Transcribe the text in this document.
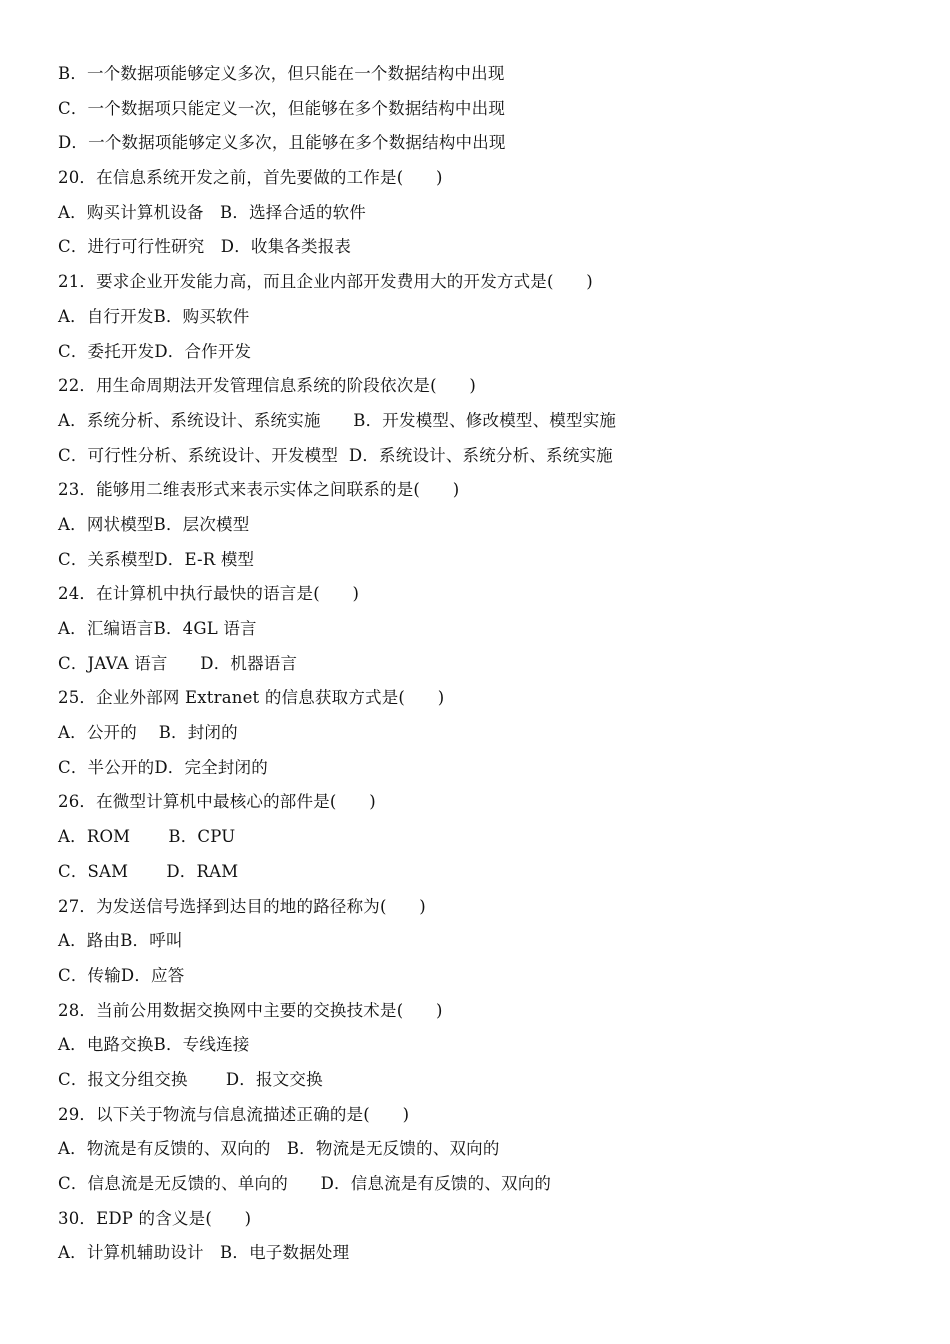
B．一个数据项能够定义多次，但只能在一个数据结构中出现
C．一个数据项只能定义一次，但能够在多个数据结构中出现
D．一个数据项能够定义多次，且能够在多个数据结构中出现
20．在信息系统开发之前，首先要做的工作是(      )
A．购买计算机设备   B．选择合适的软件
C．进行可行性研究   D．收集各类报表
21．要求企业开发能力高，而且企业内部开发费用大的开发方式是(      )
A．自行开发B．购买软件
C．委托开发D．合作开发
22．用生命周期法开发管理信息系统的阶段依次是(      )
A．系统分析、系统设计、系统实施      B．开发模型、修改模型、模型实施
C．可行性分析、系统设计、开发模型  D．系统设计、系统分析、系统实施
23．能够用二维表形式来表示实体之间联系的是(      )
A．网状模型B．层次模型
C．关系模型D．E-R 模型
24．在计算机中执行最快的语言是(      )
A．汇编语言B．4GL 语言
C．JAVA 语言      D．机器语言
25．企业外部网 Extranet 的信息获取方式是(      )
A．公开的    B．封闭的
C．半公开的D．完全封闭的
26．在微型计算机中最核心的部件是(      )
A．ROM       B．CPU
C．SAM       D．RAM
27．为发送信号选择到达目的地的路径称为(      )
A．路由B．呼叫
C．传输D．应答
28．当前公用数据交换网中主要的交换技术是(      )
A．电路交换B．专线连接
C．报文分组交换       D．报文交换
29．以下关于物流与信息流描述正确的是(      )
A．物流是有反馈的、双向的   B．物流是无反馈的、双向的
C．信息流是无反馈的、单向的      D．信息流是有反馈的、双向的
30．EDP 的含义是(      )
A．计算机辅助设计   B．电子数据处理
